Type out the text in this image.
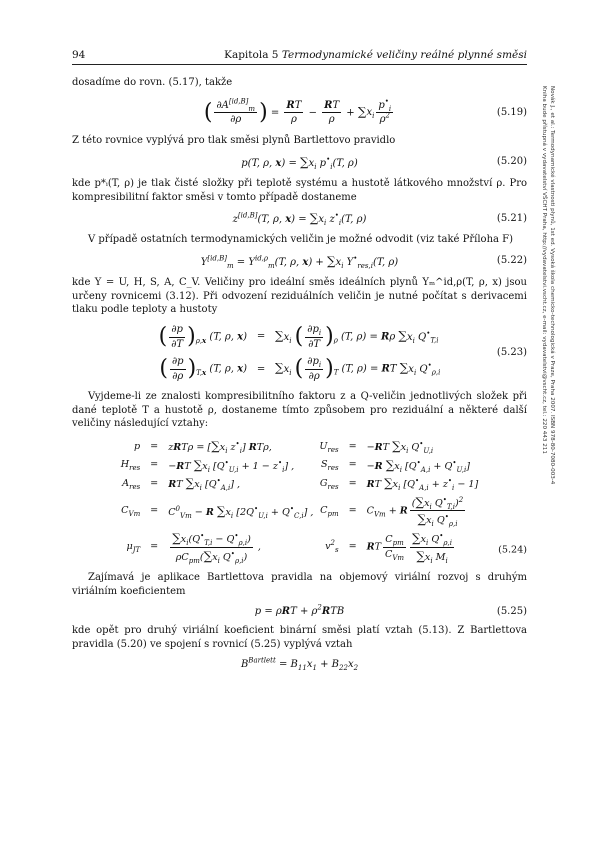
94	Kapitola 5 Termodynamické veličiny reálné plynné směsi
Novák J., et al.: Termodynamické vlastnosti plynů, 1st ed. Vysoká škola chemicko-technologická v Praze, Praha 2007. ISBN 978-80-7080-003-4
Kniha bude přístupná v vydavatelství VŠCHT Praha, http://vydavatelstvi.vscht.cz, e-mail: vydavatelstvi@vscht.cz, tel.: 220 443 211

dosadíme do rovn. (5.17), takže

( $\frac{\partial A^{[id,B]}_m}{\partial\rho}$ ) = $\frac{RT}{\rho} - \frac{RT}{\rho} + \sum x_i \frac{p^•_i}{\rho^2}$	(5.19)

Z této rovnice vyplývá pro tlak směsi plynů Bartlettovo pravidlo

p(T, ρ, $x) = \sum x_i$ $p^•_i(T$, ρ)	(5.20)

kde p*ᵢ(T, ρ) je tlak čisté složky při teplotě systému a hustotě látkového množství ρ. Pro kompresibilitní faktor směsi v tomto případě dostaneme

z[id,B](T, ρ, $x) = \sum x_i$ $z^•_i(T$, ρ)	(5.21)

V případě ostatních termodynamických veličin je možné odvodit (viz také Příloha F)

$Y[id,B]_m = Y^{id,\rho}_m(T$, ρ, $x) + \sum x_i$ $Y^•_{res,i}(T$, ρ)	(5.22)

kde Y = U, H, S, A, C_V. Veličiny pro ideální směs ideálních plynů Yₘ^id,ρ(T, ρ, x) jsou určeny rovnicemi (3.12). Při odvození reziduálních veličin je nutné počítat s derivacemi tlaku podle teploty a hustoty

( $\frac{\partial p}{\partial T} )_{\rho,x}$ (T, ρ, x)	=	$\sum x_i$ ( $\frac{\partial p_i}{\partial T} )_\rho$ (T, ρ) = Rρ $\sum x_i$ $Q^•_{T,i}$
( $\frac{\partial p}{\partial\rho} )_{T,x}$ (T, ρ, x)	=	$\sum x_i$ ( $\frac{\partial p_i}{\partial\rho} )_T$ (T, ρ) = RT $\sum x_i$ $Q^•_{\rho,i}$
(5.23)

Vyjdeme-li ze znalosti kompresibilitního faktoru z a Q-veličin jednotlivých složek při dané teplotě T a hustotě ρ, dostaneme tímto způsobem pro reziduální a některé další veličiny následující vztahy:

p	=	$zRT\rho = [\sum x_i$ $z^•_i$] RTρ,	$U_{res}$	=	−RT $\sum x_i$ $Q^•_{U,i}$
$H_{res}$	=	−RT $\sum x_i$ $[Q^•_{U,i} + 1 - z^•_i]$ ,	$S_{res}$	=	−R $\sum x_i$ $[Q^•_{A,i} + Q^•_{U,i}]$
$A_{res}$	=	RT $\sum x_i$ $[Q^•_{A,i}]$ ,	$G_{res}$	=	RT $\sum x_i$ $[Q^•_{A,i} + z^•_i - 1]$
$C_{Vm}$	=	$C^0_{Vm} - R$ $\sum x_i$ $[2Q^•_{U,i} + Q^•_{C,i}]$ ,	$C_{pm}$	=	$C_{Vm} + R \frac{(\sum x_i Q^•_{T,i})^2}{\sum x_i Q^•_{\rho,i}}$

$\mu_{JT}$	=	$\frac{\sum x_i(Q^•_{T,i} - Q^•_{\rho,i})}{\rho C_{pm}(\sum x_i Q^•_{\rho,i})}$ ,	$v^2_s$	=	RT $\frac{C_{pm}}{C_{Vm}} \frac{\sum x_i Q^•_{\rho,i}}{\sum x_i M_i}$	(5.24)

Zajímavá je aplikace Bartlettova pravidla na objemový viriální rozvoj s druhým viriálním koeficientem

$p = \rho RT + \rho^2RTB$	(5.25)

kde opět pro druhý viriální koeficient binární směsi platí vztah (5.13). Z Bartlettova pravidla (5.20) ve spojení s rovnicí (5.25) vyplývá vztah

$B^{Bartlett} = B_{11}x_1 + B_{22}x_2$
